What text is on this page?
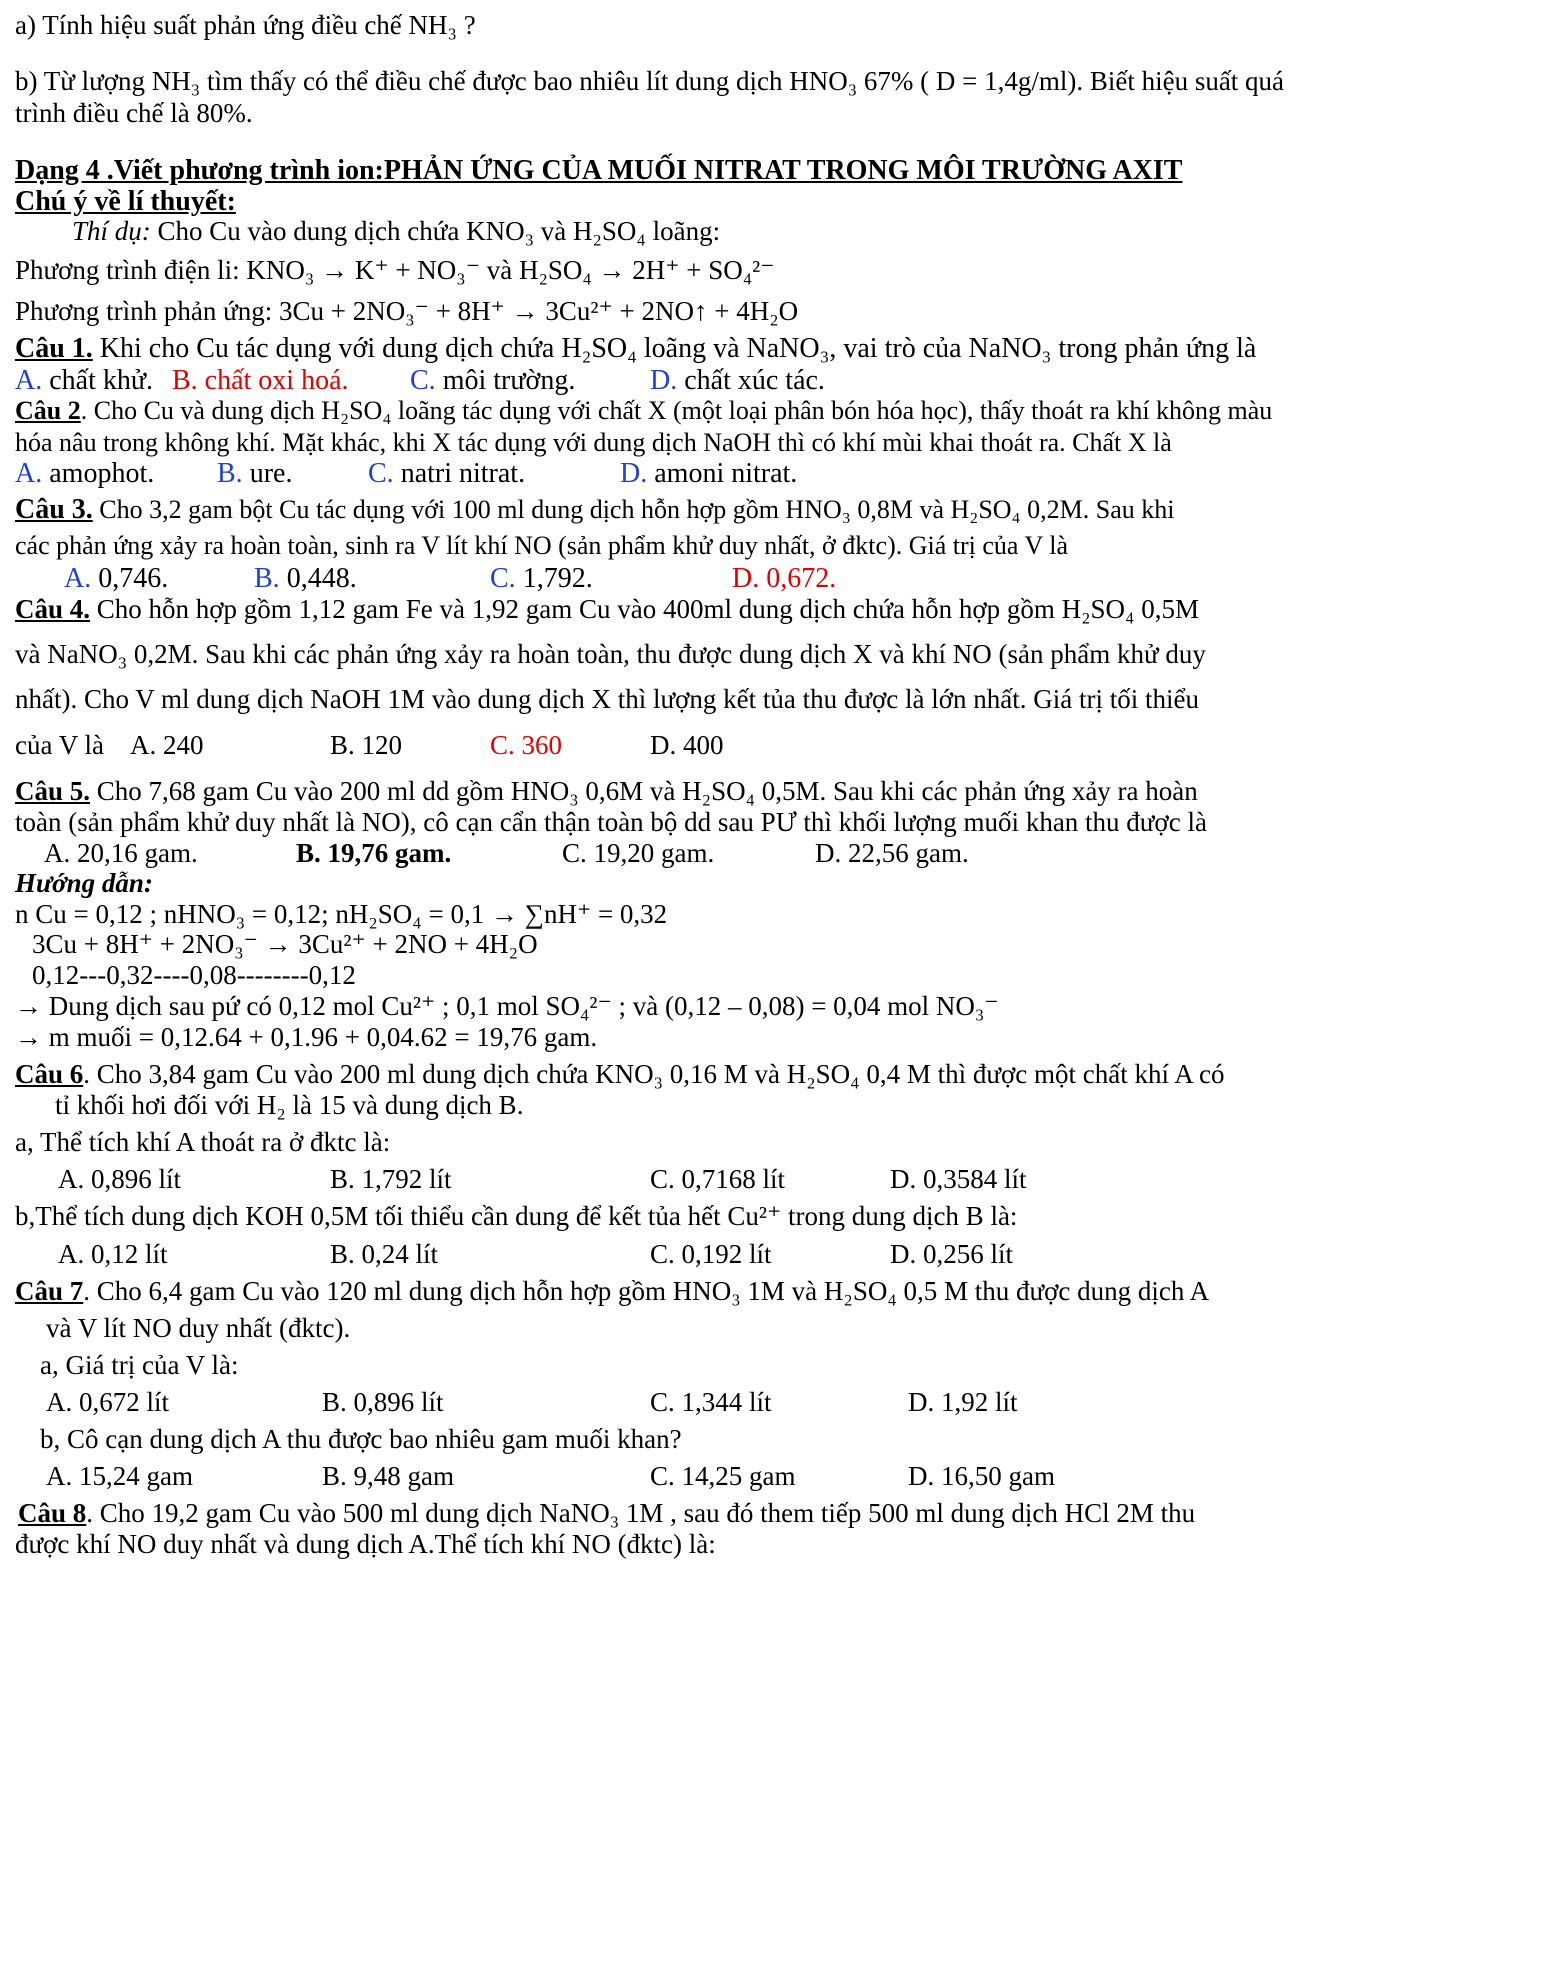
a) Tính hiệu suất phản ứng điều chế NH₃ ?
b) Từ lượng NH₃ tìm thấy có thể điều chế được bao nhiêu lít dung dịch HNO₃ 67% ( D = 1,4g/ml). Biết hiệu suất quá
trình điều chế là 80%.
Dạng 4 .Viết phương trình ion:PHẢN ỨNG CỦA MUỐI NITRAT TRONG MÔI TRƯỜNG AXIT
Chú ý về lí thuyết:
Thí dụ: Cho Cu vào dung dịch chứa KNO₃ và H₂SO₄ loãng:
Phương trình điện li: KNO₃ → K⁺ + NO₃⁻ và H₂SO₄ → 2H⁺ + SO₄²⁻
Phương trình phản ứng: 3Cu + 2NO₃⁻ + 8H⁺ → 3Cu²⁺ + 2NO↑ + 4H₂O
Câu 1. Khi cho Cu tác dụng với dung dịch chứa H₂SO₄ loãng và NaNO₃, vai trò của NaNO₃ trong phản ứng là
A. chất khử. B. chất oxi hoá. C. môi trường.	D. chất xúc tác.
Câu 2. Cho Cu và dung dịch H₂SO₄ loãng tác dụng với chất X (một loại phân bón hóa học), thấy thoát ra khí không màu
hóa nâu trong không khí. Mặt khác, khi X tác dụng với dung dịch NaOH thì có khí mùi khai thoát ra. Chất X là
A. amophot. B. ure.	C. natri nitrat.	D. amoni nitrat.
Câu 3. Cho 3,2 gam bột Cu tác dụng với 100 ml dung dịch hỗn hợp gồm HNO₃ 0,8M và H₂SO₄ 0,2M. Sau khi
các phản ứng xảy ra hoàn toàn, sinh ra V lít khí NO (sản phẩm khử duy nhất, ở đktc). Giá trị của V là
A. 0,746.	B. 0,448.	C. 1,792.	D. 0,672.
Câu 4. Cho hỗn hợp gồm 1,12 gam Fe và 1,92 gam Cu vào 400ml dung dịch chứa hỗn hợp gồm H₂SO₄ 0,5M
và NaNO₃ 0,2M. Sau khi các phản ứng xảy ra hoàn toàn, thu được dung dịch X và khí NO (sản phẩm khử duy
nhất). Cho V ml dung dịch NaOH 1M vào dung dịch X thì lượng kết tủa thu được là lớn nhất. Giá trị tối thiểu
của V là A. 240	B. 120	C. 360	D. 400
Câu 5. Cho 7,68 gam Cu vào 200 ml dd gồm HNO₃ 0,6M và H₂SO₄ 0,5M. Sau khi các phản ứng xảy ra hoàn
toàn (sản phẩm khử duy nhất là NO), cô cạn cẩn thận toàn bộ dd sau PƯ thì khối lượng muối khan thu được là
A. 20,16 gam.	B. 19,76 gam.	C. 19,20 gam.	D. 22,56 gam.
Hướng dẫn:
n Cu = 0,12 ; nHNO₃ = 0,12; nH₂SO₄ = 0,1 → ∑nH⁺ = 0,32
3Cu + 8H⁺ + 2NO₃⁻ → 3Cu²⁺ + 2NO + 4H₂O
0,12---0,32----0,08--------0,12
→ Dung dịch sau pứ có 0,12 mol Cu²⁺ ; 0,1 mol SO₄²⁻ ; và (0,12 – 0,08) = 0,04 mol NO₃⁻
→ m muối = 0,12.64 + 0,1.96 + 0,04.62 = 19,76 gam.
Câu 6. Cho 3,84 gam Cu vào 200 ml dung dịch chứa KNO₃ 0,16 M và H₂SO₄ 0,4 M thì được một chất khí A có
tỉ khối hơi đối với H₂ là 15 và dung dịch B.
a, Thể tích khí A thoát ra ở đktc là:
A. 0,896 lít	B. 1,792 lít	C. 0,7168 lít	D. 0,3584 lít
b,Thể tích dung dịch KOH 0,5M tối thiểu cần dung để kết tủa hết Cu²⁺ trong dung dịch B là:
A. 0,12 lít	B. 0,24 lít	C. 0,192 lít	D. 0,256 lít
Câu 7. Cho 6,4 gam Cu vào 120 ml dung dịch hỗn hợp gồm HNO₃ 1M và H₂SO₄ 0,5 M thu được dung dịch A
và V lít NO duy nhất (đktc).
a, Giá trị của V là:
A. 0,672 lít	B. 0,896 lít	C. 1,344 lít	D. 1,92 lít
b, Cô cạn dung dịch A thu được bao nhiêu gam muối khan?
A. 15,24 gam	B. 9,48 gam	C. 14,25 gam	D. 16,50 gam
Câu 8. Cho 19,2 gam Cu vào 500 ml dung dịch NaNO₃ 1M , sau đó them tiếp 500 ml dung dịch HCl 2M thu
được khí NO duy nhất và dung dịch A.Thể tích khí NO (đktc) là:
